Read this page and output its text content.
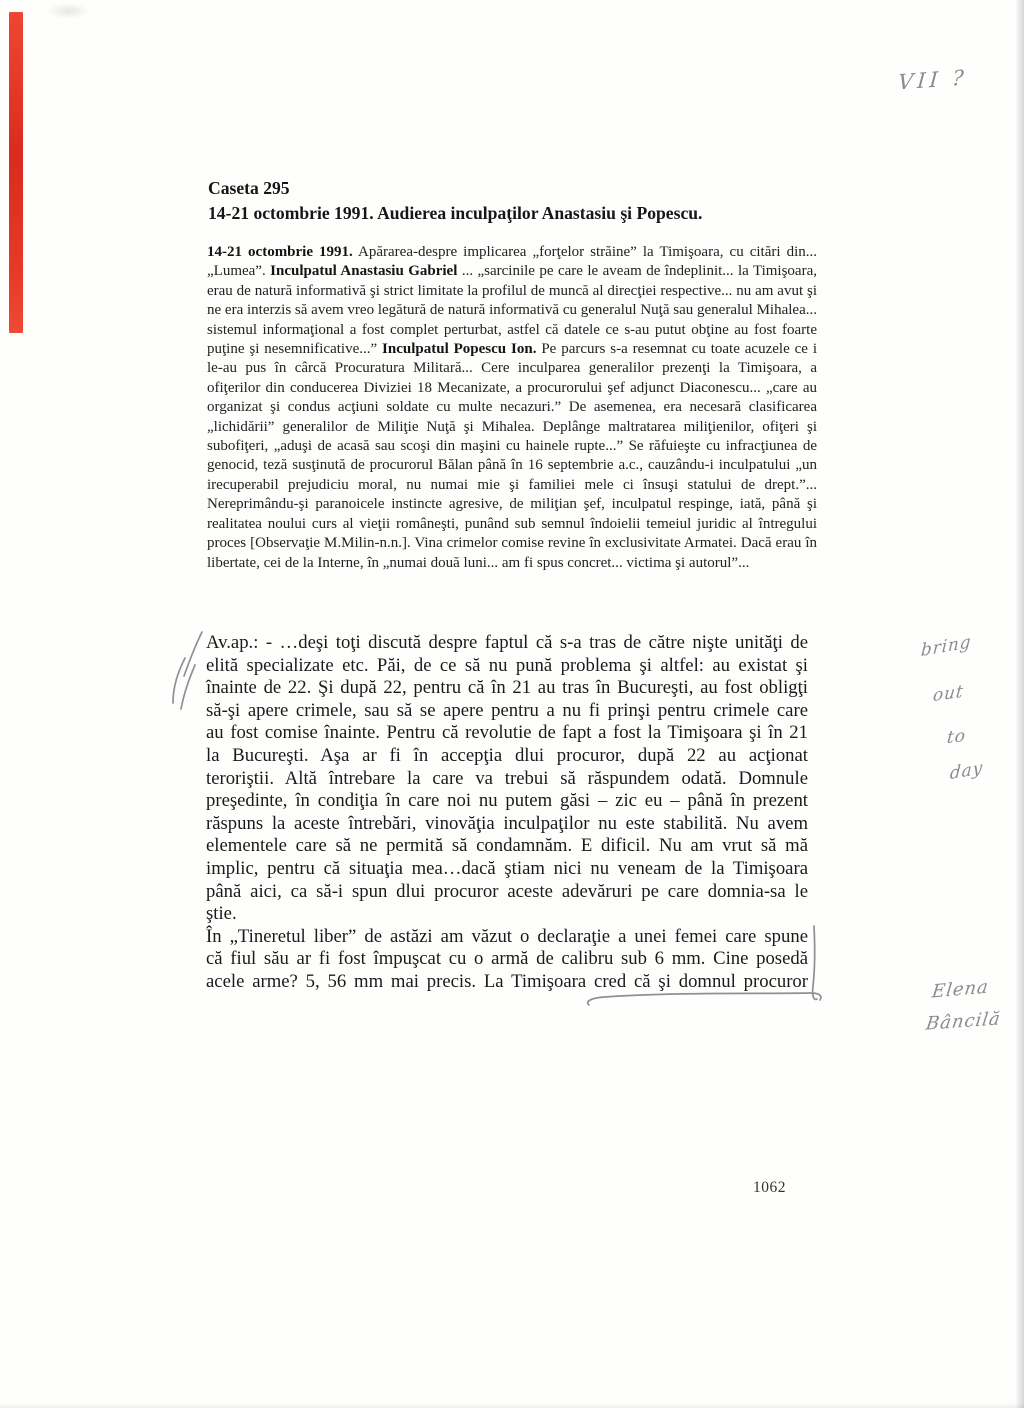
VII ?
Caseta 295
14-21 octombrie 1991. Audierea inculpaţilor Anastasiu şi Popescu.
14-21 octombrie 1991. Apărarea-despre implicarea „forţelor străine” la Timişoara, cu citări din... „Lumea”. Inculpatul Anastasiu Gabriel ... „sarcinile pe care le aveam de îndeplinit... la Timişoara, erau de natură informativă şi strict limitate la profilul de muncă al direcţiei respective... nu am avut şi ne era interzis să avem vreo legătură de natură informativă cu generalul Nuţă sau generalul Mihalea... sistemul informaţional a fost complet perturbat, astfel că datele ce s-au putut obţine au fost foarte puţine şi nesemnificative...” Inculpatul Popescu Ion. Pe parcurs s-a resemnat cu toate acuzele ce i le-au pus în cârcă Procuratura Militară... Cere inculparea generalilor prezenţi la Timişoara, a ofiţerilor din conducerea Diviziei 18 Mecanizate, a procurorului şef adjunct Diaconescu... „care au organizat şi condus acţiuni soldate cu multe necazuri.” De asemenea, era necesară clasificarea „lichidării” generalilor de Miliţie Nuţă şi Mihalea. Deplânge maltratarea miliţienilor, ofiţeri şi subofiţeri, „aduşi de acasă sau scoşi din maşini cu hainele rupte...” Se răfuieşte cu infracţiunea de genocid, teză susţinută de procurorul Bălan până în 16 septembrie a.c., cauzându-i inculpatului „un irecuperabil prejudiciu moral, nu numai mie şi familiei mele ci însuşi statului de drept.”... Nereprimându-şi paranoicele instincte agresive, de miliţian şef, inculpatul respinge, iată, până şi realitatea noului curs al vieţii româneşti, punând sub semnul îndoielii temeiul juridic al întregului proces [Observaţie M.Milin-n.n.]. Vina crimelor comise revine în exclusivitate Armatei. Dacă erau în libertate, cei de la Interne, în „numai două luni... am fi spus concret... victima şi autorul”...
Av.ap.: - …deşi toţi discută despre faptul că s-a tras de către nişte unităţi de
elită specializate etc. Păi, de ce să nu pună problema şi altfel: au existat şi
înainte de 22. Şi după 22, pentru că în 21 au tras în Bucureşti, au fost obligţi
să-şi apere crimele, sau să se apere pentru a nu fi prinşi pentru crimele care
au fost comise înainte. Pentru că revolutie de fapt a fost la Timişoara şi în 21
la Bucureşti. Aşa ar fi în accepţia dlui procuror, după 22 au acţionat
teroriştii. Altă întrebare la care va trebui să răspundem odată. Domnule
preşedinte, în condiţia în care noi nu putem găsi – zic eu – până în prezent
răspuns la aceste întrebări, vinovăţia inculpaţilor nu este stabilită. Nu avem
elementele care să ne permită să condamnăm. E dificil. Nu am vrut să mă
implic, pentru că situaţia mea…dacă ştiam nici nu veneam de la Timişoara
până aici, ca să-i spun dlui procuror aceste adevăruri pe care domnia-sa le
ştie.
În „Tineretul liber” de astăzi am văzut o declaraţie a unei femei care spune
că fiul său ar fi fost împuşcat cu o armă de calibru sub 6 mm. Cine posedă
acele arme? 5, 56 mm mai precis. La Timişoara cred că şi domnul procuror
bring
out
to
day
Elena
Bâncilă
1062
